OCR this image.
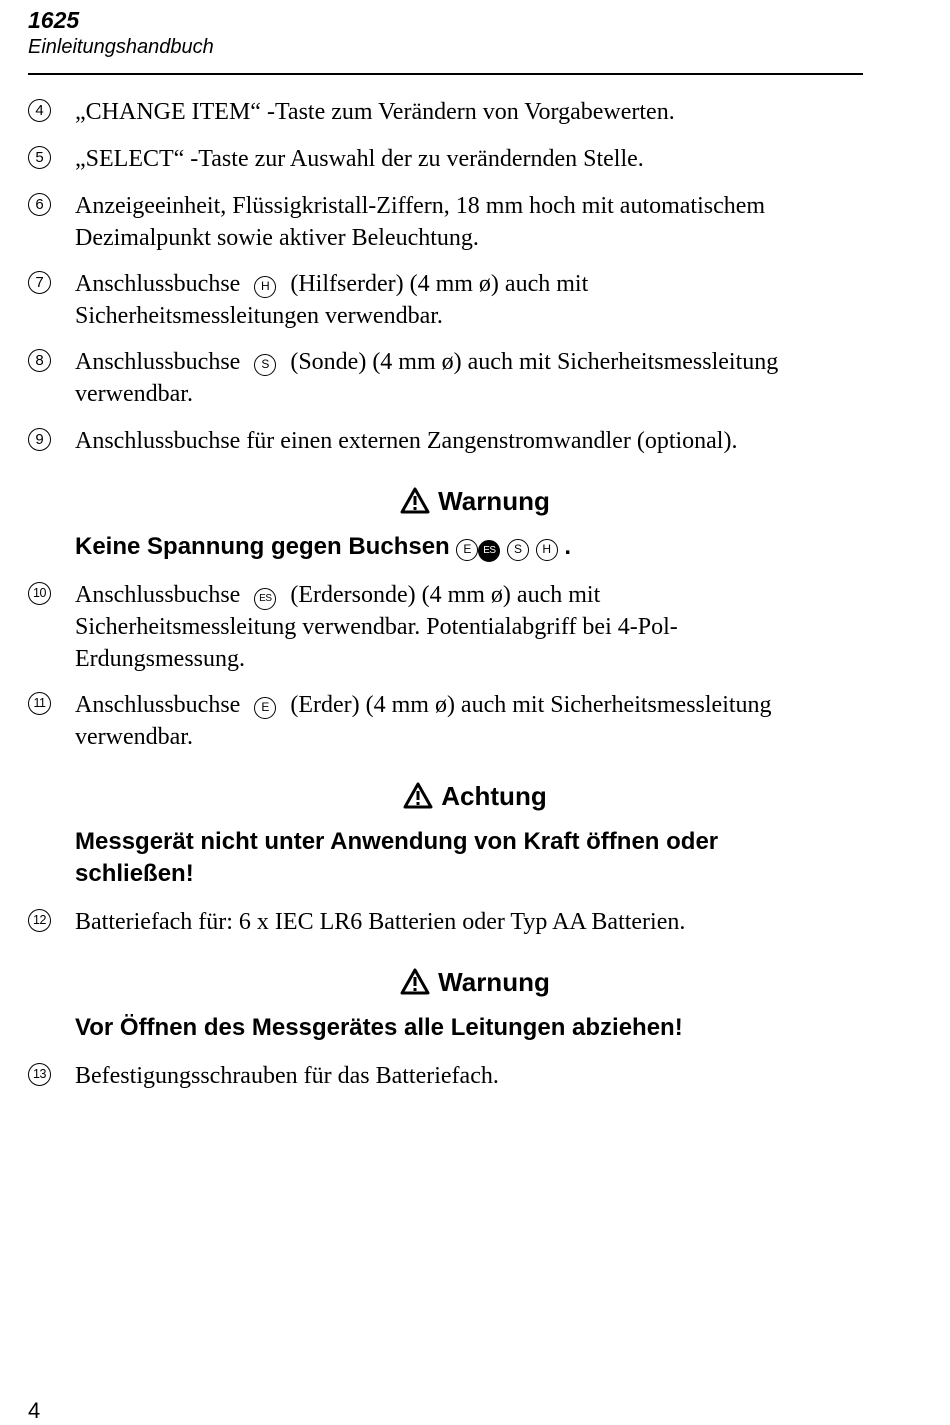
1625
Einleitungshandbuch
4	„CHANGE ITEM“ -Taste zum Verändern von Vorgabewerten.
5	„SELECT“ -Taste zur Auswahl der zu verändernden Stelle.
6	Anzeigeeinheit, Flüssigkristall-Ziffern, 18 mm hoch mit automatischem
Dezimalpunkt sowie aktiver Beleuchtung.
7	Anschlussbuchse H (Hilfserder) (4 mm ø) auch mit
Sicherheitsmessleitungen verwendbar.
8	Anschlussbuchse S (Sonde) (4 mm ø) auch mit Sicherheitsmessleitung
verwendbar.
9	Anschlussbuchse für einen externen Zangenstromwandler (optional).
Warnung
Keine Spannung gegen Buchsen E ES S H .
10 Anschlussbuchse ES (Erdersonde) (4 mm ø) auch mit
Sicherheitsmessleitung verwendbar. Potentialabgriff bei 4-Pol-
Erdungsmessung.
11 Anschlussbuchse E (Erder) (4 mm ø) auch mit Sicherheitsmessleitung
verwendbar.
Achtung
Messgerät nicht unter Anwendung von Kraft öffnen oder
schließen!
12 Batteriefach für: 6 x IEC LR6 Batterien oder Typ AA Batterien.
Warnung
Vor Öffnen des Messgerätes alle Leitungen abziehen!
13 Befestigungsschrauben für das Batteriefach.
4
